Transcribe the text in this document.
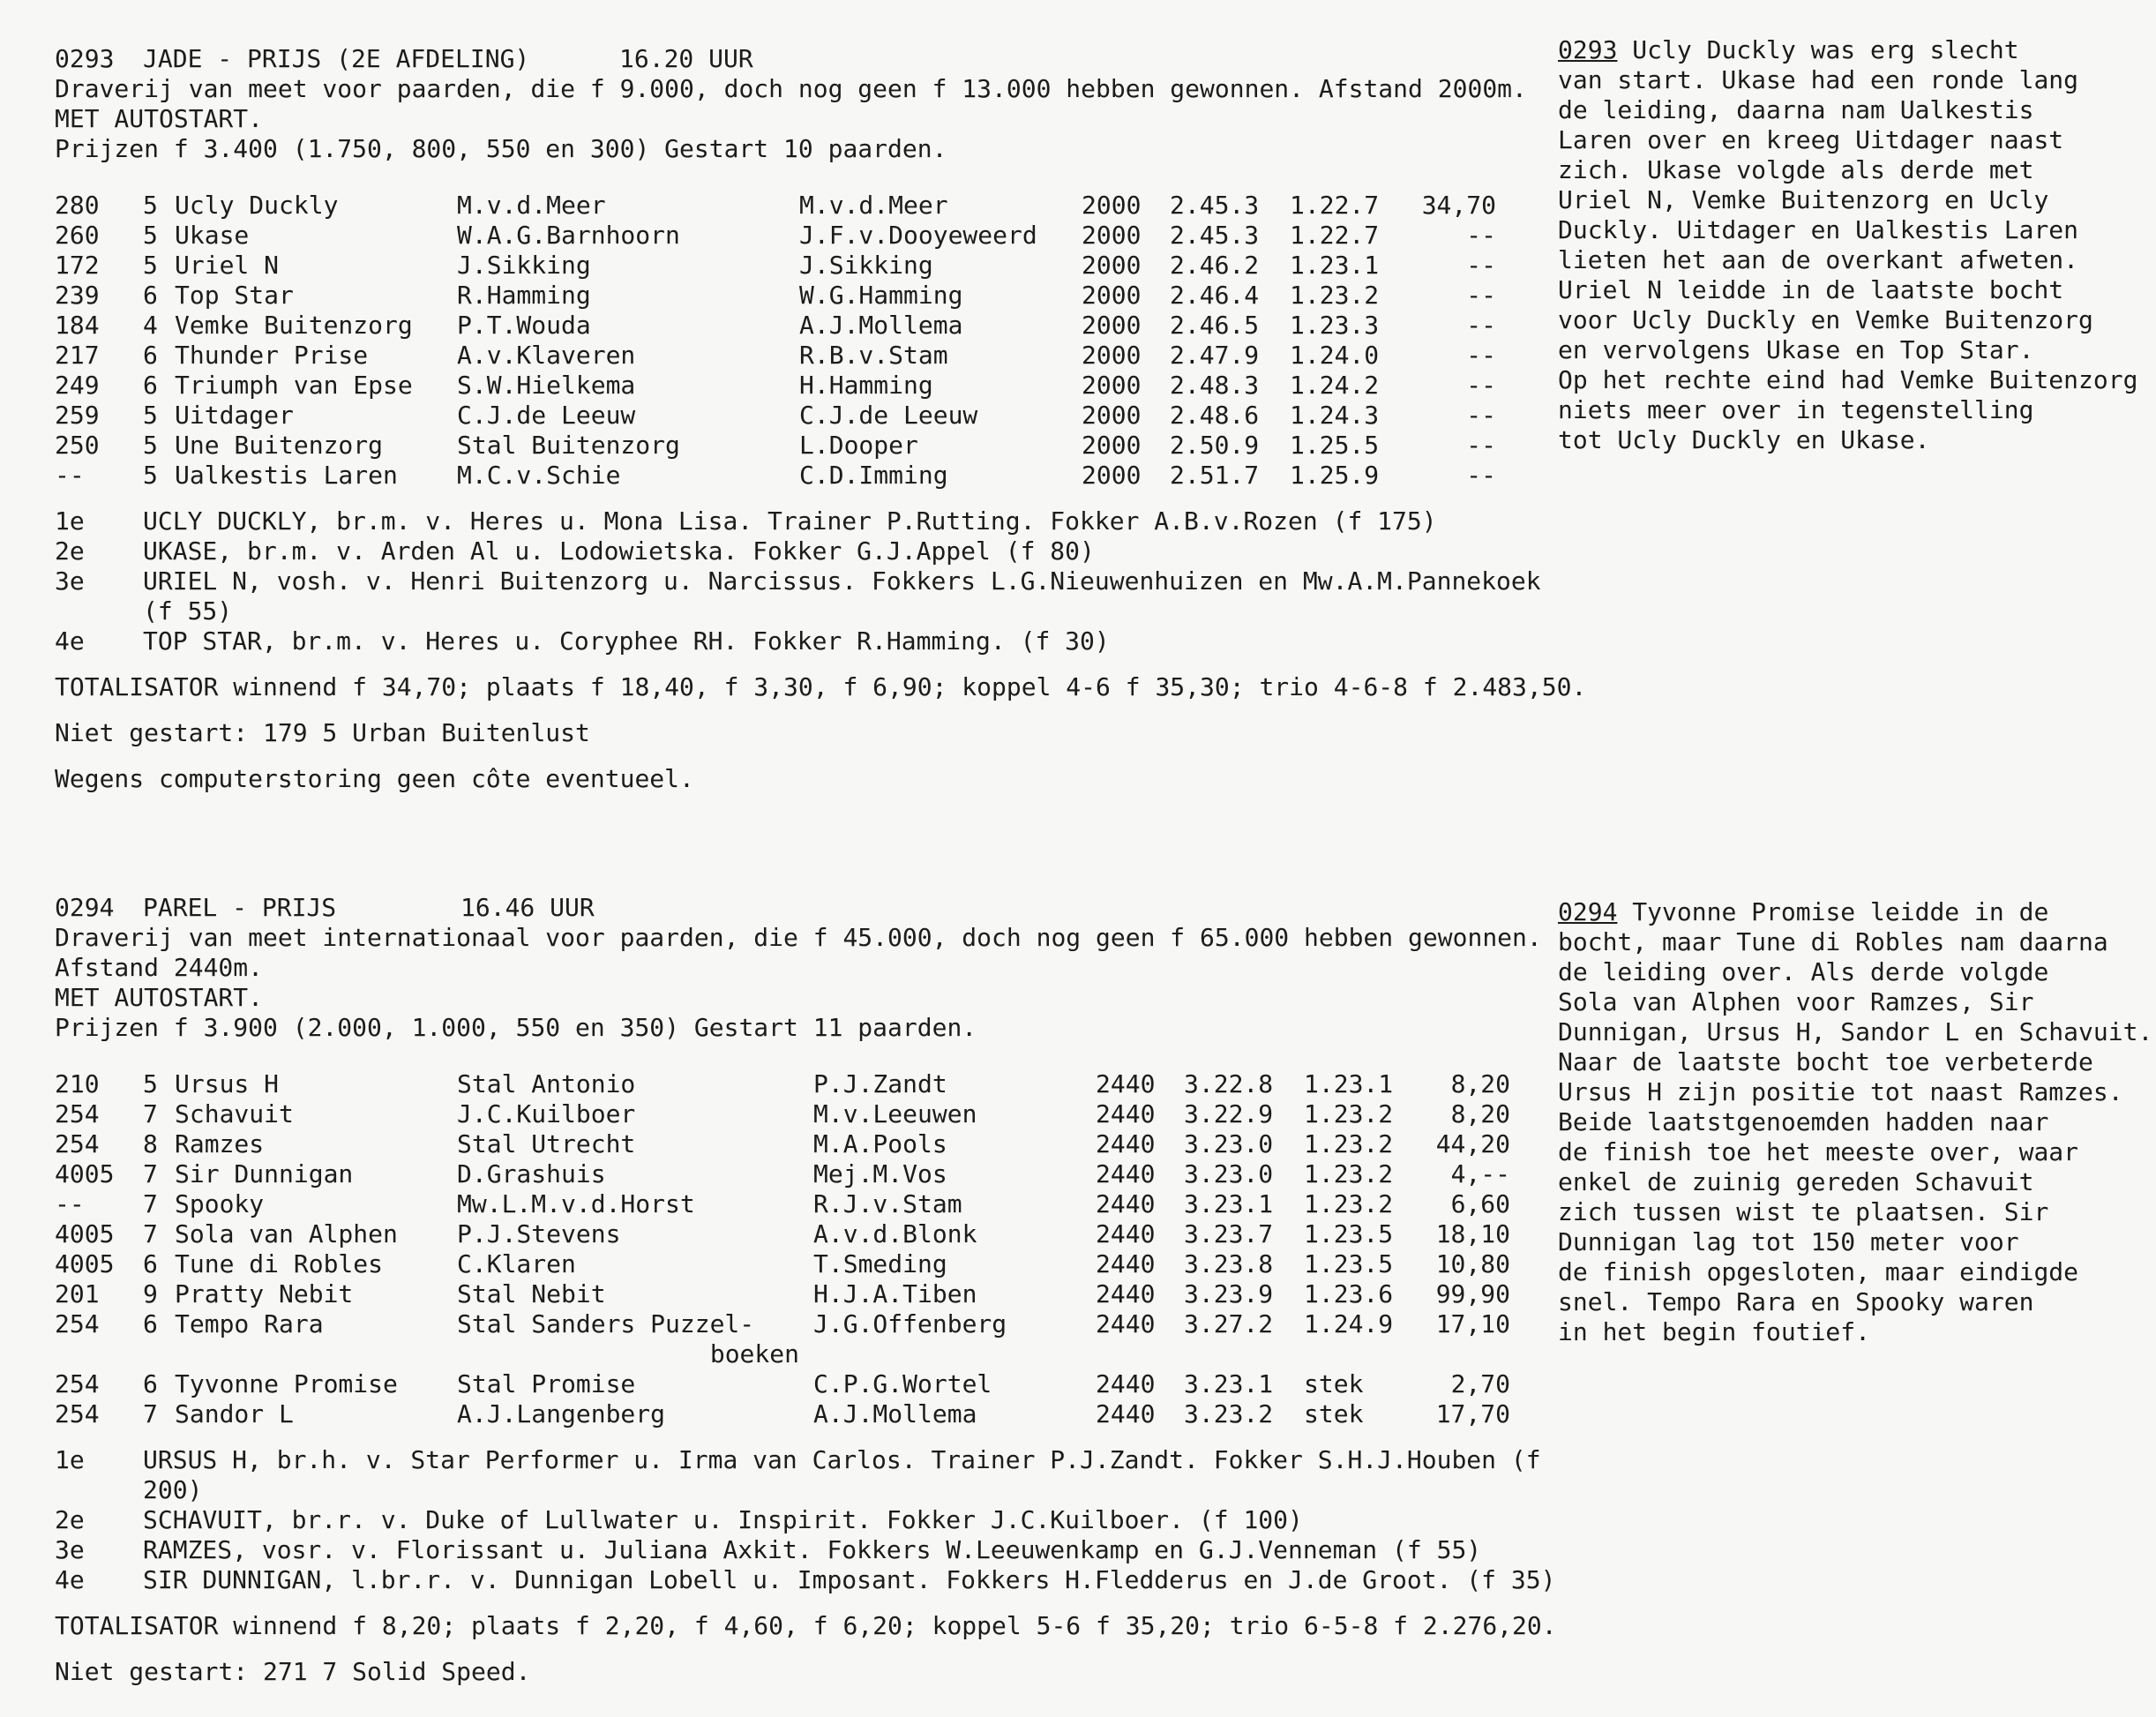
0293	JADE - PRIJS (2E AFDELING)	16.20 UUR
Draverij van meet voor paarden, die f 9.000, doch nog geen f 13.000 hebben gewonnen. Afstand 2000m.
MET AUTOSTART.
Prijzen f 3.400 (1.750, 800, 550 en 300) Gestart 10 paarden.
280	5	Ucly Duckly	M.v.d.Meer	M.v.d.Meer	2000	2.45.3	1.22.7	34,70
260	5	Ukase	W.A.G.Barnhoorn	J.F.v.Dooyeweerd	2000	2.45.3	1.22.7	--
172	5	Uriel N	J.Sikking	J.Sikking	2000	2.46.2	1.23.1	--
239	6	Top Star	R.Hamming	W.G.Hamming	2000	2.46.4	1.23.2	--
184	4	Vemke Buitenzorg	P.T.Wouda	A.J.Mollema	2000	2.46.5	1.23.3	--
217	6	Thunder Prise	A.v.Klaveren	R.B.v.Stam	2000	2.47.9	1.24.0	--
249	6	Triumph van Epse	S.W.Hielkema	H.Hamming	2000	2.48.3	1.24.2	--
259	5	Uitdager	C.J.de Leeuw	C.J.de Leeuw	2000	2.48.6	1.24.3	--
250	5	Une Buitenzorg	Stal Buitenzorg	L.Dooper	2000	2.50.9	1.25.5	--
--	5	Ualkestis Laren	M.C.v.Schie	C.D.Imming	2000	2.51.7	1.25.9	--
1e	UCLY DUCKLY, br.m. v. Heres u. Mona Lisa. Trainer P.Rutting. Fokker A.B.v.Rozen (f 175)
2e	UKASE, br.m. v. Arden Al u. Lodowietska. Fokker G.J.Appel (f 80)
3e	URIEL N, vosh. v. Henri Buitenzorg u. Narcissus. Fokkers L.G.Nieuwenhuizen en Mw.A.M.Pannekoek
(f 55)
4e	TOP STAR, br.m. v. Heres u. Coryphee RH. Fokker R.Hamming. (f 30)
TOTALISATOR winnend f 34,70; plaats f 18,40, f 3,30, f 6,90; koppel 4-6 f 35,30; trio 4-6-8 f 2.483,50.
Niet gestart: 179 5 Urban Buitenlust
Wegens computerstoring geen côte eventueel.
0294	PAREL - PRIJS	16.46 UUR
Draverij van meet internationaal voor paarden, die f 45.000, doch nog geen f 65.000 hebben gewonnen.
Afstand 2440m.
MET AUTOSTART.
Prijzen f 3.900 (2.000, 1.000, 550 en 350) Gestart 11 paarden.
210	5	Ursus H	Stal Antonio	P.J.Zandt	2440	3.22.8	1.23.1	8,20
254	7	Schavuit	J.C.Kuilboer	M.v.Leeuwen	2440	3.22.9	1.23.2	8,20
254	8	Ramzes	Stal Utrecht	M.A.Pools	2440	3.23.0	1.23.2	44,20
4005	7	Sir Dunnigan	D.Grashuis	Mej.M.Vos	2440	3.23.0	1.23.2	4,--
--	7	Spooky	Mw.L.M.v.d.Horst	R.J.v.Stam	2440	3.23.1	1.23.2	6,60
4005	7	Sola van Alphen	P.J.Stevens	A.v.d.Blonk	2440	3.23.7	1.23.5	18,10
4005	6	Tune di Robles	C.Klaren	T.Smeding	2440	3.23.8	1.23.5	10,80
201	9	Pratty Nebit	Stal Nebit	H.J.A.Tiben	2440	3.23.9	1.23.6	99,90
254	6	Tempo Rara	Stal Sanders Puzzel-	J.G.Offenberg	2440	3.27.2	1.24.9	17,10
			boeken					
254	6	Tyvonne Promise	Stal Promise	C.P.G.Wortel	2440	3.23.1	stek	2,70
254	7	Sandor L	A.J.Langenberg	A.J.Mollema	2440	3.23.2	stek	17,70
1e	URSUS H, br.h. v. Star Performer u. Irma van Carlos. Trainer P.J.Zandt. Fokker S.H.J.Houben (f 200)
2e	SCHAVUIT, br.r. v. Duke of Lullwater u. Inspirit. Fokker J.C.Kuilboer. (f 100)
3e	RAMZES, vosr. v. Florissant u. Juliana Axkit. Fokkers W.Leeuwenkamp en G.J.Venneman (f 55)
4e	SIR DUNNIGAN, l.br.r. v. Dunnigan Lobell u. Imposant. Fokkers H.Fledderus en J.de Groot. (f 35)
TOTALISATOR winnend f 8,20; plaats f 2,20, f 4,60, f 6,20; koppel 5-6 f 35,20; trio 6-5-8 f 2.276,20.
Niet gestart: 271 7 Solid Speed.
0293 Ucly Duckly was erg slecht
van start. Ukase had een ronde lang
de leiding, daarna nam Ualkestis
Laren over en kreeg Uitdager naast
zich. Ukase volgde als derde met
Uriel N, Vemke Buitenzorg en Ucly
Duckly. Uitdager en Ualkestis Laren
lieten het aan de overkant afweten.
Uriel N leidde in de laatste bocht
voor Ucly Duckly en Vemke Buitenzorg
en vervolgens Ukase en Top Star.
Op het rechte eind had Vemke Buitenzorg
niets meer over in tegenstelling
tot Ucly Duckly en Ukase.
0294 Tyvonne Promise leidde in de
bocht, maar Tune di Robles nam daarna
de leiding over. Als derde volgde
Sola van Alphen voor Ramzes, Sir
Dunnigan, Ursus H, Sandor L en Schavuit.
Naar de laatste bocht toe verbeterde
Ursus H zijn positie tot naast Ramzes.
Beide laatstgenoemden hadden naar
de finish toe het meeste over, waar
enkel de zuinig gereden Schavuit
zich tussen wist te plaatsen. Sir
Dunnigan lag tot 150 meter voor
de finish opgesloten, maar eindigde
snel. Tempo Rara en Spooky waren
in het begin foutief.
